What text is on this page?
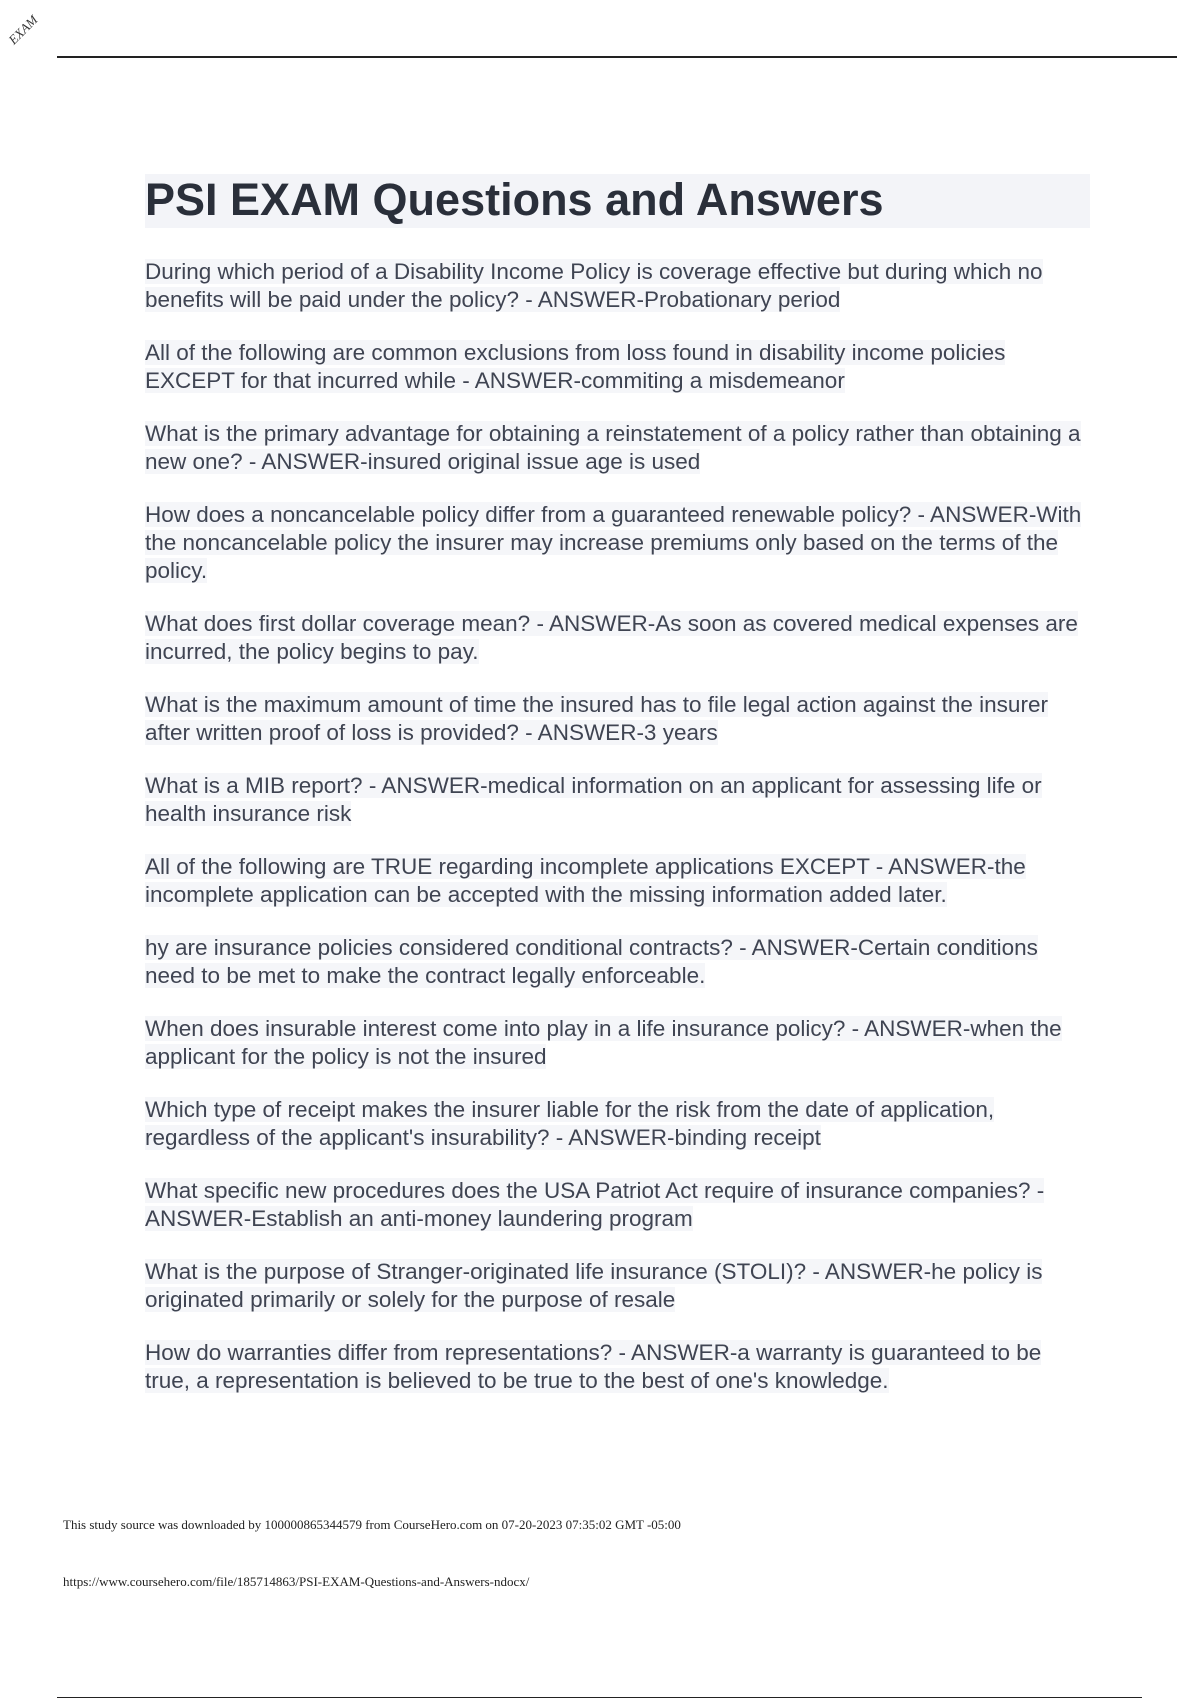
EXAM
PSI EXAM Questions and Answers
During which period of a Disability Income Policy is coverage effective but during which no benefits will be paid under the policy? - ANSWER-Probationary period
All of the following are common exclusions from loss found in disability income policies EXCEPT for that incurred while - ANSWER-commiting a misdemeanor
What is the primary advantage for obtaining a reinstatement of a policy rather than obtaining a new one? - ANSWER-insured original issue age is used
How does a noncancelable policy differ from a guaranteed renewable policy? - ANSWER-With the noncancelable policy the insurer may increase premiums only based on the terms of the policy.
What does first dollar coverage mean? - ANSWER-As soon as covered medical expenses are incurred, the policy begins to pay.
What is the maximum amount of time the insured has to file legal action against the insurer after written proof of loss is provided? - ANSWER-3 years
What is a MIB report? - ANSWER-medical information on an applicant for assessing life or health insurance risk
All of the following are TRUE regarding incomplete applications EXCEPT - ANSWER-the incomplete application can be accepted with the missing information added later.
hy are insurance policies considered conditional contracts? - ANSWER-Certain conditions need to be met to make the contract legally enforceable.
When does insurable interest come into play in a life insurance policy? - ANSWER-when the applicant for the policy is not the insured
Which type of receipt makes the insurer liable for the risk from the date of application, regardless of the applicant's insurability? - ANSWER-binding receipt
What specific new procedures does the USA Patriot Act require of insurance companies? - ANSWER-Establish an anti-money laundering program
What is the purpose of Stranger-originated life insurance (STOLI)? - ANSWER-he policy is originated primarily or solely for the purpose of resale
How do warranties differ from representations? - ANSWER-a warranty is guaranteed to be true, a representation is believed to be true to the best of one's knowledge.
This study source was downloaded by 100000865344579 from CourseHero.com on 07-20-2023 07:35:02 GMT -05:00
https://www.coursehero.com/file/185714863/PSI-EXAM-Questions-and-Answers-ndocx/
